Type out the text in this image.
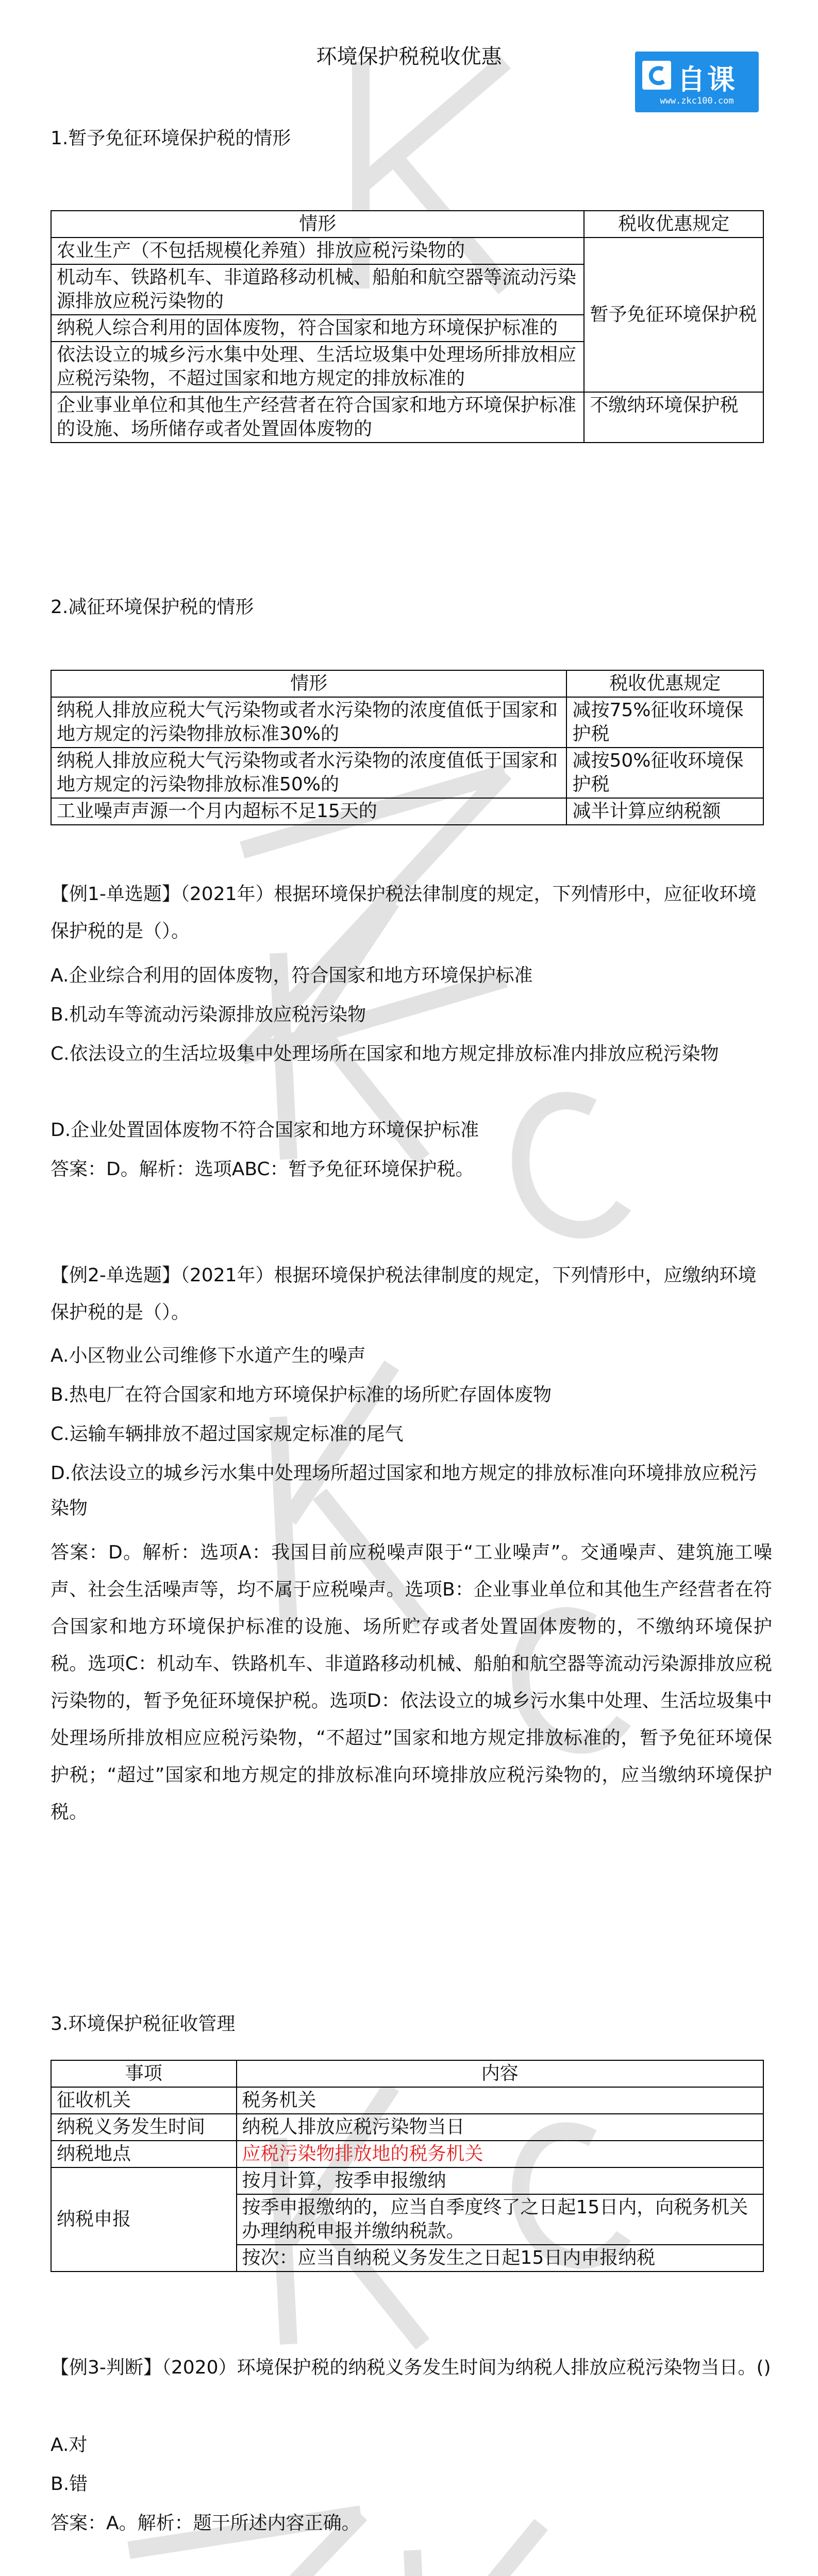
环境保护税税收优惠
自课
www.zkc100.com
1.暂予免征环境保护税的情形
情形	税收优惠规定
农业生产（不包括规模化养殖）排放应税污染物的	暂予免征环境保护税
机动车、铁路机车、非道路移动机械、船舶和航空器等流动污染源排放应税污染物的	
纳税人综合利用的固体废物，符合国家和地方环境保护标准的	
依法设立的城乡污水集中处理、生活垃圾集中处理场所排放相应应税污染物，不超过国家和地方规定的排放标准的	
企业事业单位和其他生产经营者在符合国家和地方环境保护标准的设施、场所储存或者处置固体废物的	不缴纳环境保护税
2.减征环境保护税的情形
情形	税收优惠规定
纳税人排放应税大气污染物或者水污染物的浓度值低于国家和地方规定的污染物排放标准30%的	减按75%征收环境保护税
纳税人排放应税大气污染物或者水污染物的浓度值低于国家和地方规定的污染物排放标准50%的	减按50%征收环境保护税
工业噪声声源一个月内超标不足15天的	减半计算应纳税额
【例1-单选题】（2021年）根据环境保护税法律制度的规定，下列情形中，应征收环境保护税的是（）。
A.企业综合利用的固体废物，符合国家和地方环境保护标准
B.机动车等流动污染源排放应税污染物
C.依法设立的生活垃圾集中处理场所在国家和地方规定排放标准内排放应税污染物
D.企业处置固体废物不符合国家和地方环境保护标准
答案：D。解析：选项ABC：暂予免征环境保护税。
【例2-单选题】（2021年）根据环境保护税法律制度的规定，下列情形中，应缴纳环境保护税的是（）。
A.小区物业公司维修下水道产生的噪声
B.热电厂在符合国家和地方环境保护标准的场所贮存固体废物
C.运输车辆排放不超过国家规定标准的尾气
D.依法设立的城乡污水集中处理场所超过国家和地方规定的排放标准向环境排放应税污染物
答案：D。解析：选项A：我国目前应税噪声限于“工业噪声”。交通噪声、建筑施工噪声、社会生活噪声等，均不属于应税噪声。选项B：企业事业单位和其他生产经营者在符合国家和地方环境保护标准的设施、场所贮存或者处置固体废物的，不缴纳环境保护税。选项C：机动车、铁路机车、非道路移动机械、船舶和航空器等流动污染源排放应税污染物的，暂予免征环境保护税。选项D：依法设立的城乡污水集中处理、生活垃圾集中处理场所排放相应应税污染物，“不超过”国家和地方规定排放标准的，暂予免征环境保护税；“超过”国家和地方规定的排放标准向环境排放应税污染物的，应当缴纳环境保护税。
3.环境保护税征收管理
事项	内容
征收机关	税务机关
纳税义务发生时间	纳税人排放应税污染物当日
纳税地点	应税污染物排放地的税务机关
纳税申报	按月计算，按季申报缴纳
	按季申报缴纳的，应当自季度终了之日起15日内，向税务机关办理纳税申报并缴纳税款。
	按次：应当自纳税义务发生之日起15日内申报纳税
【例3-判断】（2020）环境保护税的纳税义务发生时间为纳税人排放应税污染物当日。()
A.对
B.错
答案：A。解析：题干所述内容正确。
